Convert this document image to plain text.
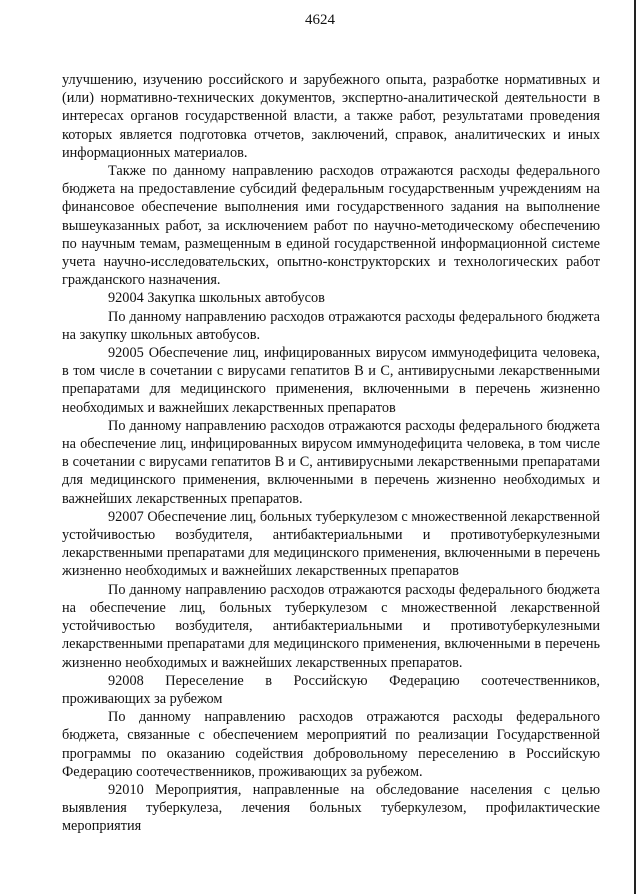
4624

улучшению, изучению российского и зарубежного опыта, разработке нормативных и (или) нормативно-технических документов, экспертно-аналитической деятельности в интересах органов государственной власти, а также работ, результатами проведения которых является подготовка отчетов, заключений, справок, аналитических и иных информационных материалов.

Также по данному направлению расходов отражаются расходы федерального бюджета на предоставление субсидий федеральным государственным учреждениям на финансовое обеспечение выполнения ими государственного задания на выполнение вышеуказанных работ, за исключением работ по научно-методическому обеспечению по научным темам, размещенным в единой государственной информационной системе учета научно-исследовательских, опытно-конструкторских и технологических работ гражданского назначения.

92004 Закупка школьных автобусов

По данному направлению расходов отражаются расходы федерального бюджета на закупку школьных автобусов.

92005 Обеспечение лиц, инфицированных вирусом иммунодефицита человека, в том числе в сочетании с вирусами гепатитов В и С, антивирусными лекарственными препаратами для медицинского применения, включенными в перечень жизненно необходимых и важнейших лекарственных препаратов

По данному направлению расходов отражаются расходы федерального бюджета на обеспечение лиц, инфицированных вирусом иммунодефицита человека, в том числе в сочетании с вирусами гепатитов В и С, антивирусными лекарственными препаратами для медицинского применения, включенными в перечень жизненно необходимых и важнейших лекарственных препаратов.

92007 Обеспечение лиц, больных туберкулезом с множественной лекарственной устойчивостью возбудителя, антибактериальными и противотуберкулезными лекарственными препаратами для медицинского применения, включенными в перечень жизненно необходимых и важнейших лекарственных препаратов

По данному направлению расходов отражаются расходы федерального бюджета на обеспечение лиц, больных туберкулезом с множественной лекарственной устойчивостью возбудителя, антибактериальными и противотуберкулезными лекарственными препаратами для медицинского применения, включенными в перечень жизненно необходимых и важнейших лекарственных препаратов.

92008 Переселение в Российскую Федерацию соотечественников, проживающих за рубежом

По данному направлению расходов отражаются расходы федерального бюджета, связанные с обеспечением мероприятий по реализации Государственной программы по оказанию содействия добровольному переселению в Российскую Федерацию соотечественников, проживающих за рубежом.

92010 Мероприятия, направленные на обследование населения с целью выявления туберкулеза, лечения больных туберкулезом, профилактические мероприятия
